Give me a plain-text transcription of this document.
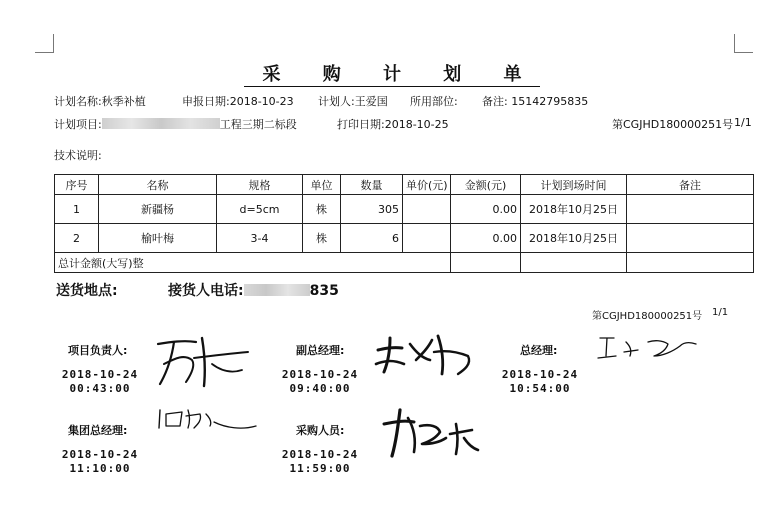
采 购 计 划 单
计划名称:秋季补植	申报日期:2018-10-23 计划人:王爱国 所用部位: 备注: 15142795835
计划项目:	工程三期二标段	打印日期:2018-10-25	第CGJHD180000251号 1/1
技术说明:
序号	名称	规格	单位	数量	单价(元)	金额(元)	计划到场时间	备注
1	新疆杨	d=5cm	株	305		0.00	2018年10月25日	
2	榆叶梅	3-4	株	6		0.00	2018年10月25日	
总计金额(大写)整								
送货地点:	接货人电话:	835
第CGJHD180000251号 1/1
项目负责人:
2018-10-24
00:43:00
副总经理:
2018-10-24
09:40:00
总经理:
2018-10-24
10:54:00
集团总经理:
2018-10-24
11:10:00
采购人员:
2018-10-24
11:59:00
